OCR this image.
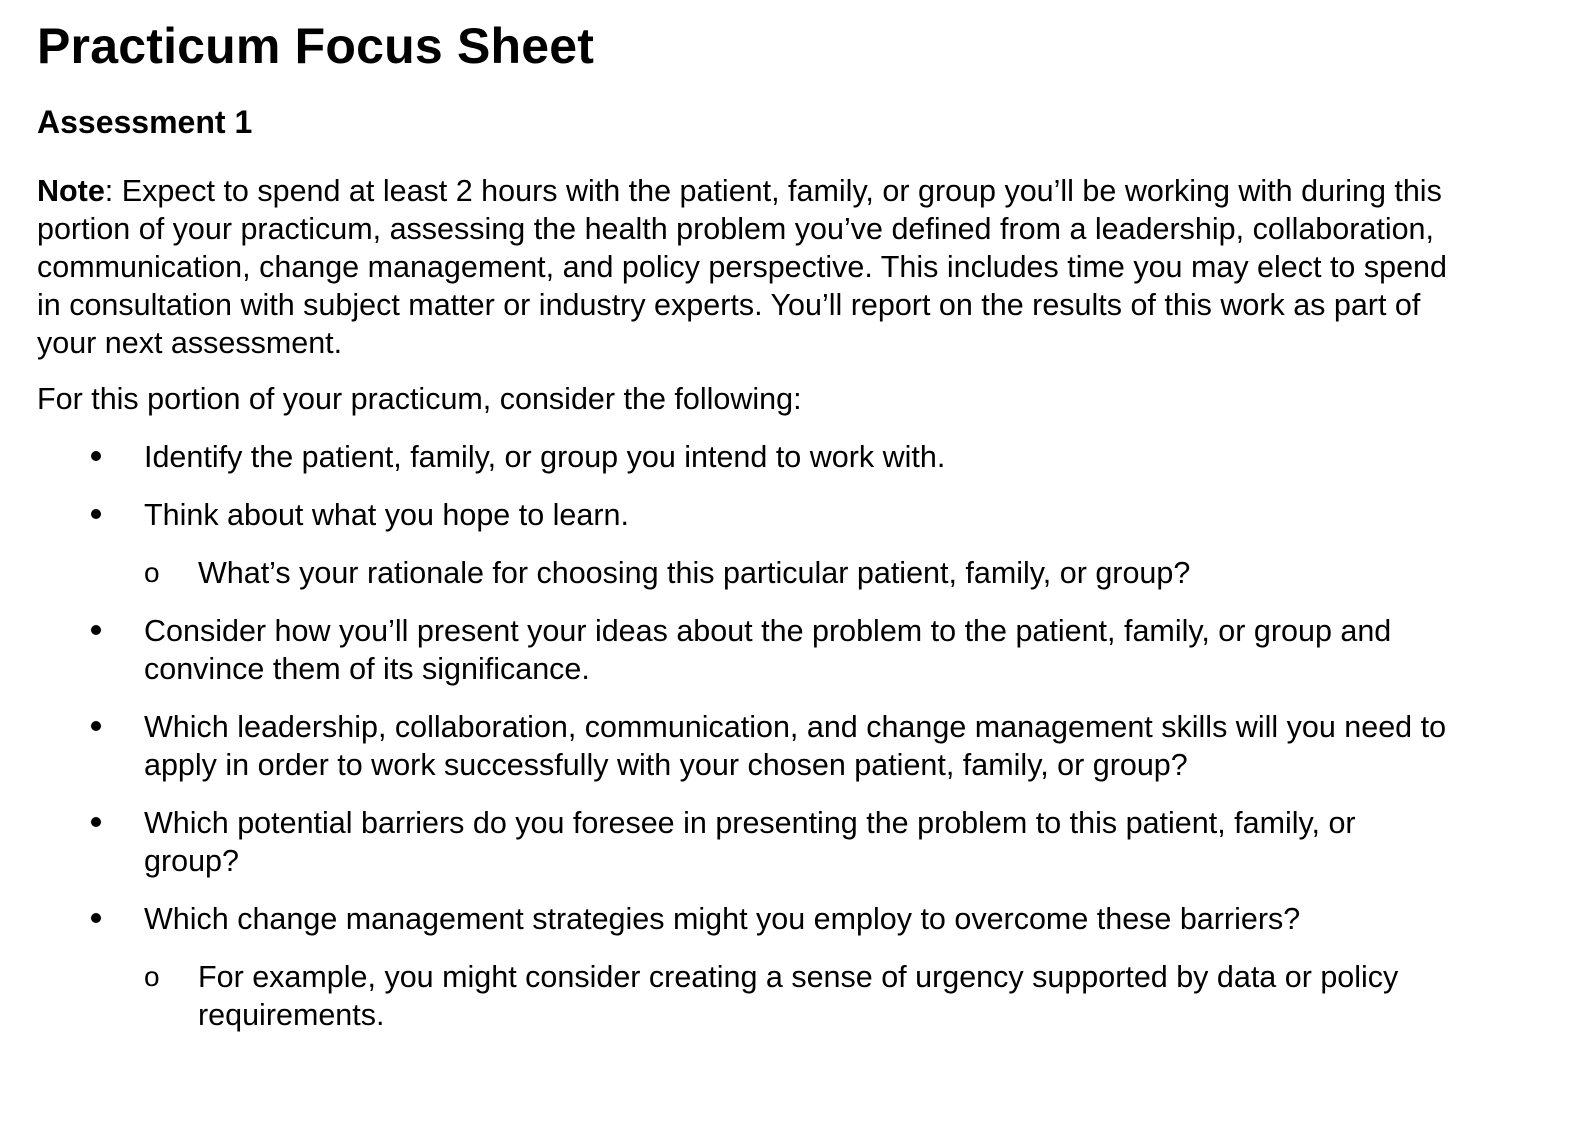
Practicum Focus Sheet
Assessment 1

Note: Expect to spend at least 2 hours with the patient, family, or group you’ll be working with during this portion of your practicum, assessing the health problem you’ve defined from a leadership, collaboration, communication, change management, and policy perspective. This includes time you may elect to spend in consultation with subject matter or industry experts. You’ll report on the results of this work as part of your next assessment.

For this portion of your practicum, consider the following:

Identify the patient, family, or group you intend to work with.
Think about what you hope to learn.
o What’s your rationale for choosing this particular patient, family, or group?
Consider how you’ll present your ideas about the problem to the patient, family, or group and convince them of its significance.
Which leadership, collaboration, communication, and change management skills will you need to apply in order to work successfully with your chosen patient, family, or group?
Which potential barriers do you foresee in presenting the problem to this patient, family, or group?
Which change management strategies might you employ to overcome these barriers?
o For example, you might consider creating a sense of urgency supported by data or policy requirements.
